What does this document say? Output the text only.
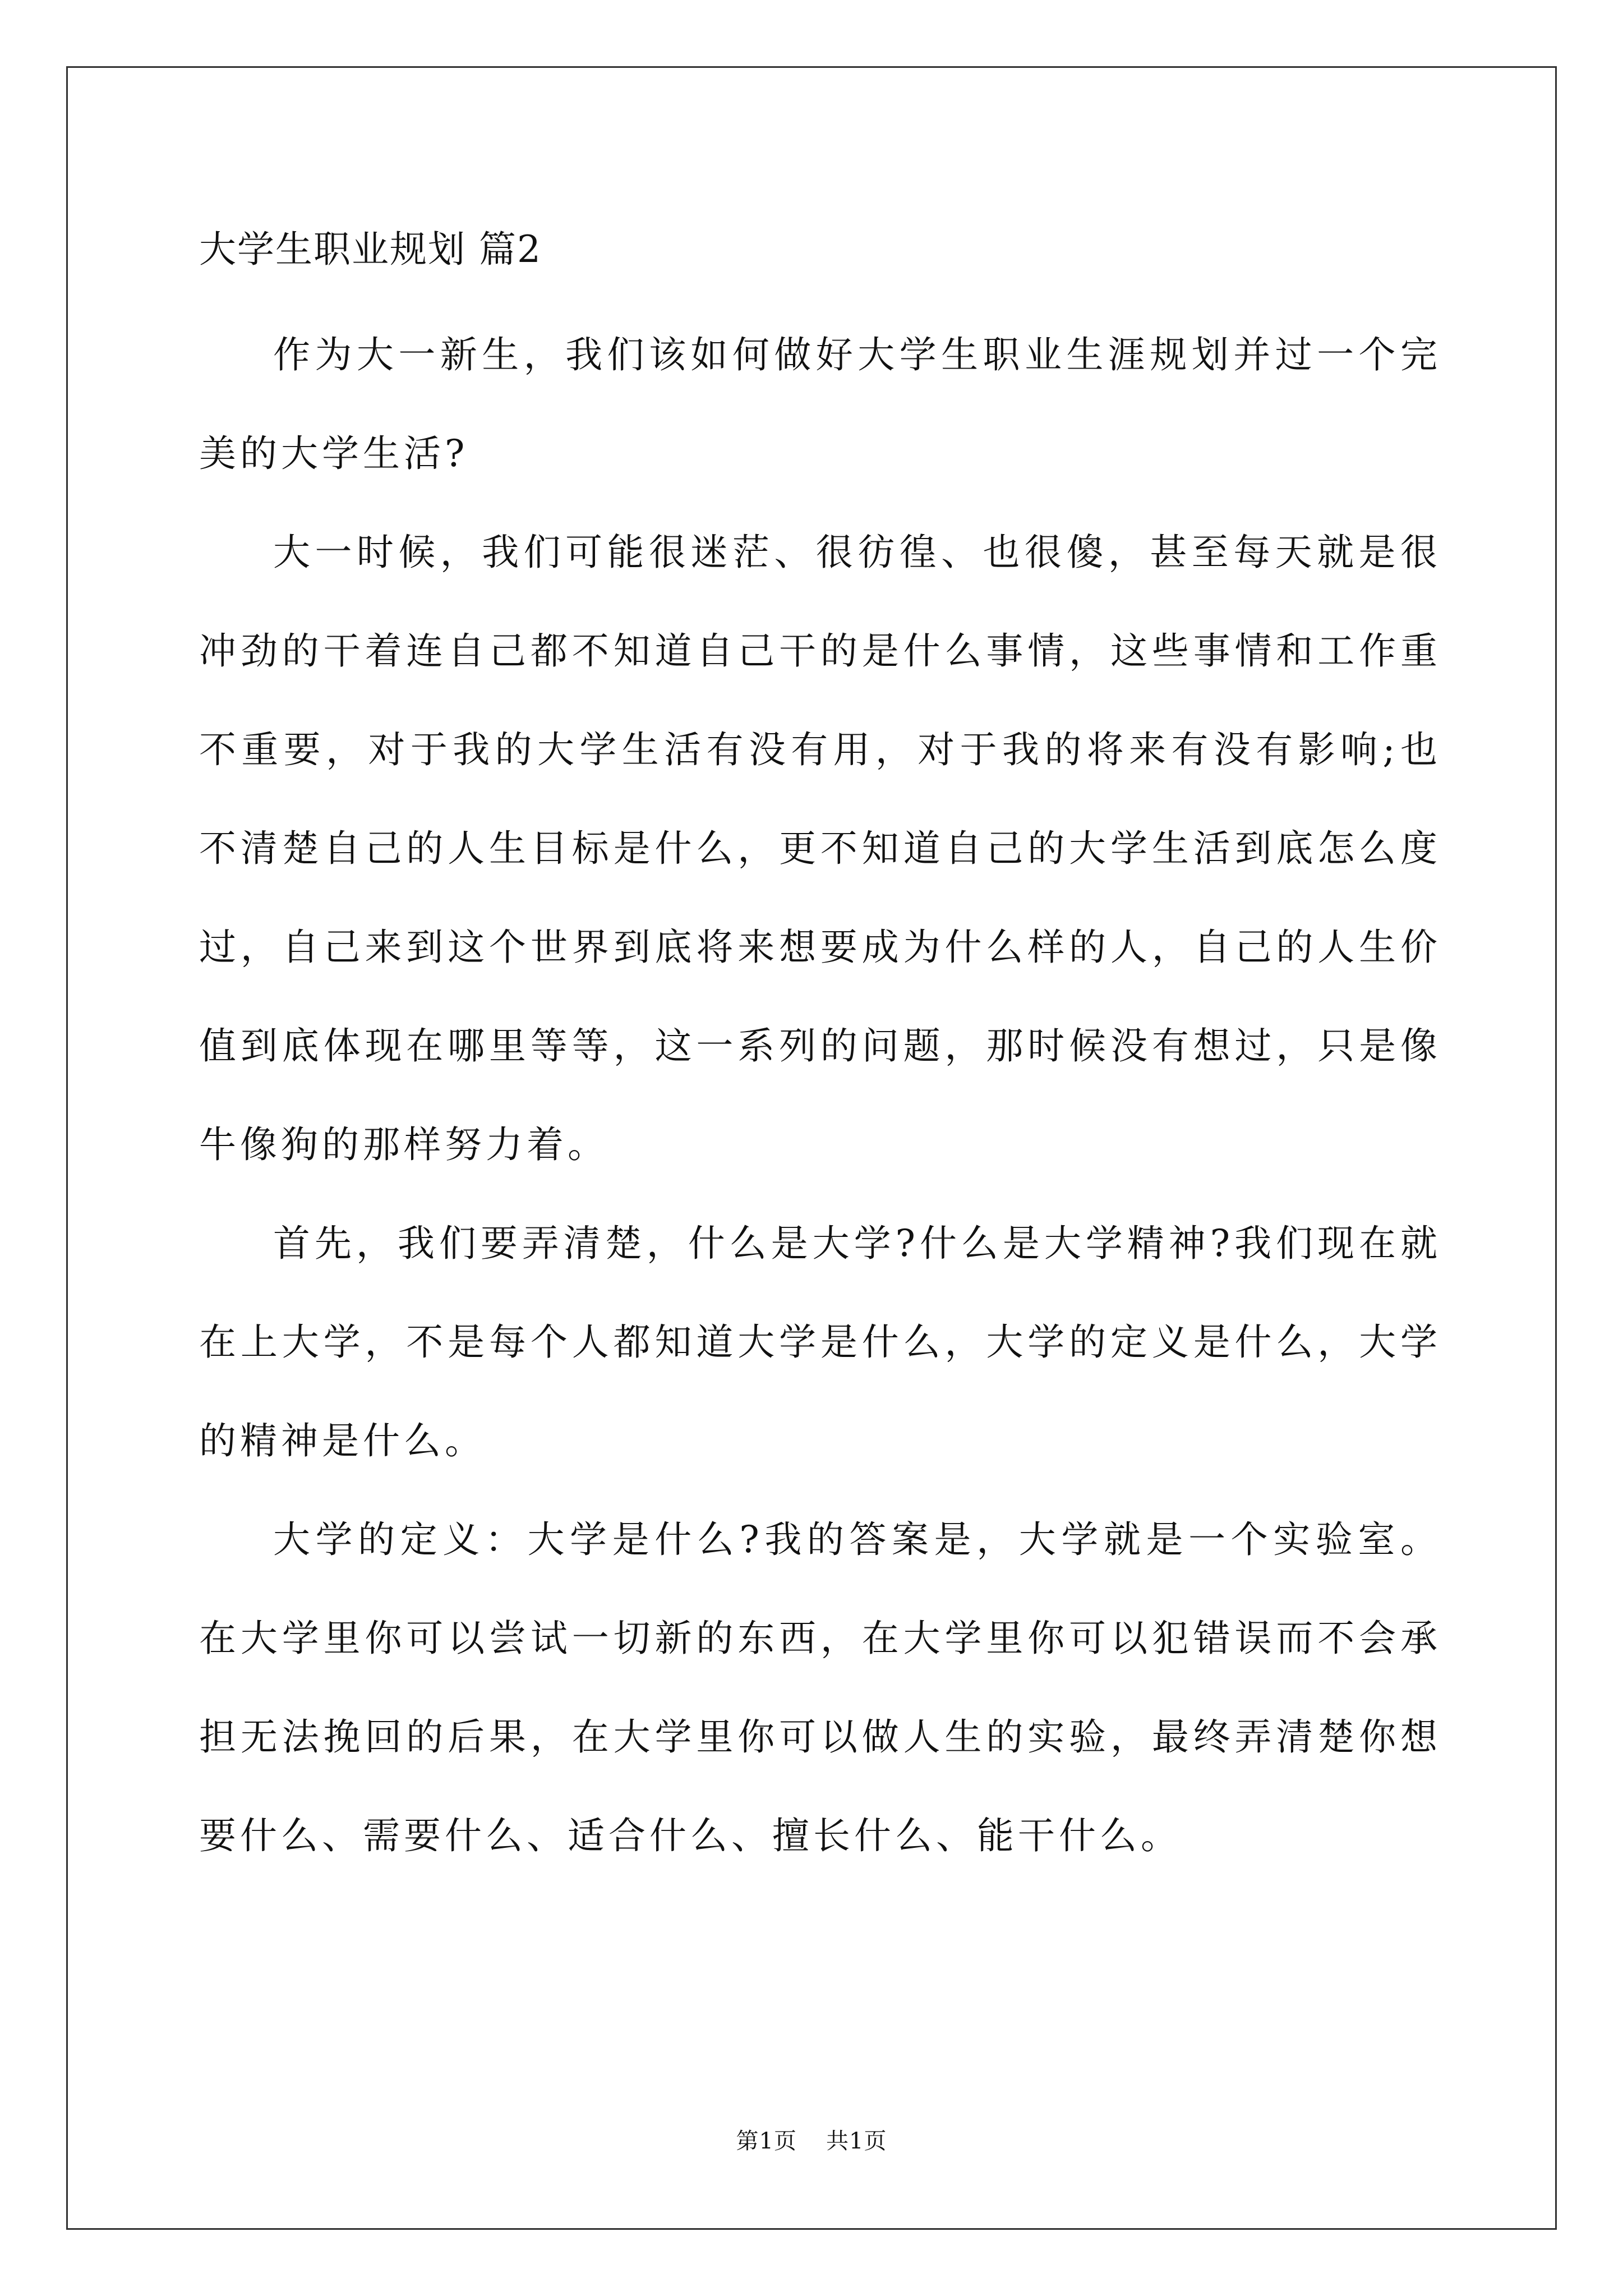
大学生职业规划 篇2

作为大一新生，我们该如何做好大学生职业生涯规划并过一个完美的大学生活?

大一时候，我们可能很迷茫、很彷徨、也很傻，甚至每天就是很冲劲的干着连自己都不知道自己干的是什么事情，这些事情和工作重不重要，对于我的大学生活有没有用，对于我的将来有没有影响;也不清楚自己的人生目标是什么，更不知道自己的大学生活到底怎么度过，自己来到这个世界到底将来想要成为什么样的人，自己的人生价值到底体现在哪里等等，这一系列的问题，那时候没有想过，只是像牛像狗的那样努力着。

首先，我们要弄清楚，什么是大学?什么是大学精神?我们现在就在上大学，不是每个人都知道大学是什么，大学的定义是什么，大学的精神是什么。

大学的定义：大学是什么?我的答案是，大学就是一个实验室。在大学里你可以尝试一切新的东西，在大学里你可以犯错误而不会承担无法挽回的后果，在大学里你可以做人生的实验，最终弄清楚你想要什么、需要什么、适合什么、擅长什么、能干什么。

第1页 共1页
